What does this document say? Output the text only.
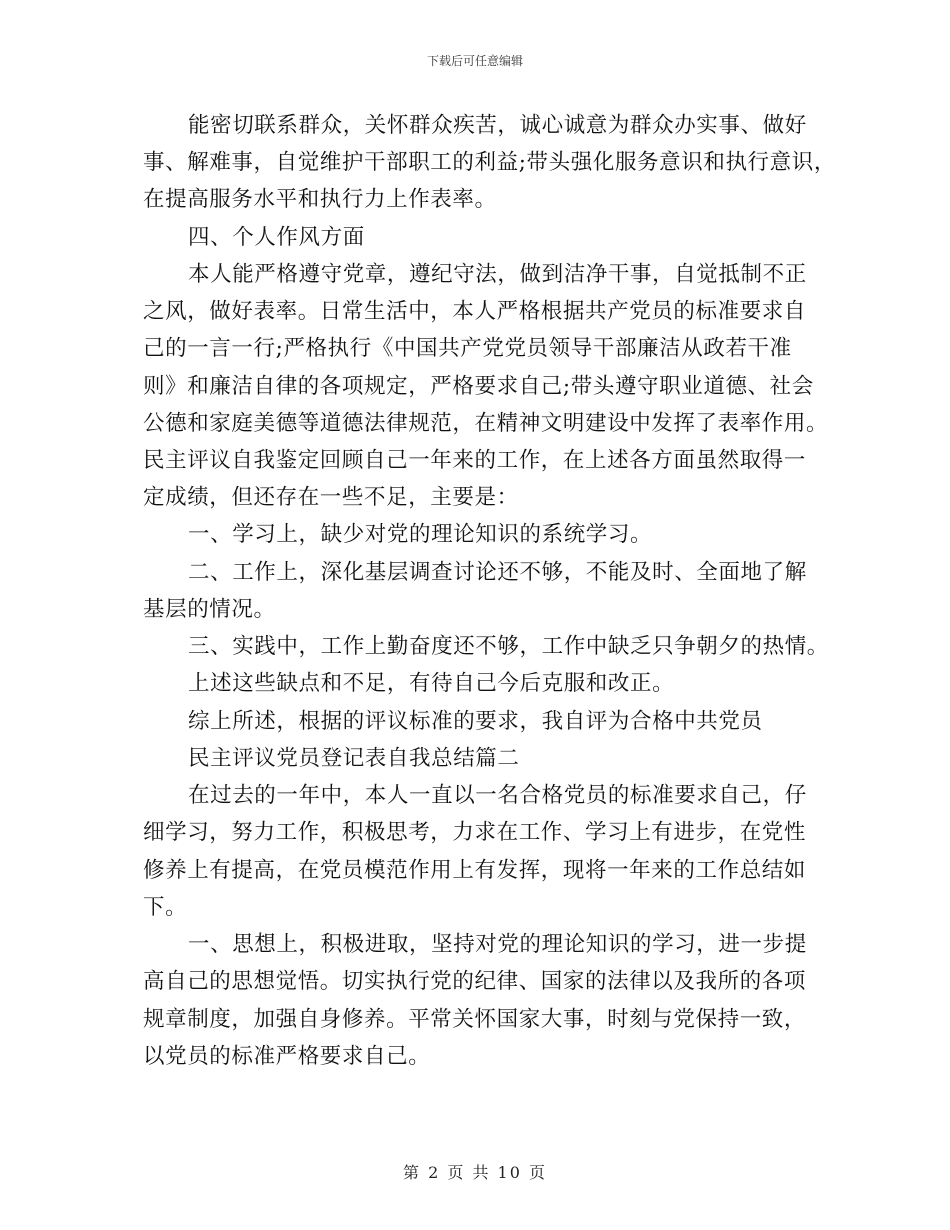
下载后可任意编辑
能密切联系群众，关怀群众疾苦，诚心诚意为群众办实事、做好
事、解难事，自觉维护干部职工的利益;带头强化服务意识和执行意识，
在提高服务水平和执行力上作表率。
四、个人作风方面
本人能严格遵守党章，遵纪守法，做到洁净干事，自觉抵制不正
之风，做好表率。日常生活中，本人严格根据共产党员的标准要求自
己的一言一行;严格执行《中国共产党党员领导干部廉洁从政若干准
则》和廉洁自律的各项规定，严格要求自己;带头遵守职业道德、社会
公德和家庭美德等道德法律规范，在精神文明建设中发挥了表率作用。
民主评议自我鉴定回顾自己一年来的工作，在上述各方面虽然取得一
定成绩，但还存在一些不足，主要是：
一、学习上，缺少对党的理论知识的系统学习。
二、工作上，深化基层调查讨论还不够，不能及时、全面地了解
基层的情况。
三、实践中，工作上勤奋度还不够，工作中缺乏只争朝夕的热情。
上述这些缺点和不足，有待自己今后克服和改正。
综上所述，根据的评议标准的要求，我自评为合格中共党员
民主评议党员登记表自我总结篇二
在过去的一年中，本人一直以一名合格党员的标准要求自己，仔
细学习，努力工作，积极思考，力求在工作、学习上有进步，在党性
修养上有提高，在党员模范作用上有发挥，现将一年来的工作总结如
下。
一、思想上，积极进取，坚持对党的理论知识的学习，进一步提
高自己的思想觉悟。切实执行党的纪律、国家的法律以及我所的各项
规章制度，加强自身修养。平常关怀国家大事，时刻与党保持一致，
以党员的标准严格要求自己。
第 2 页 共 10 页
